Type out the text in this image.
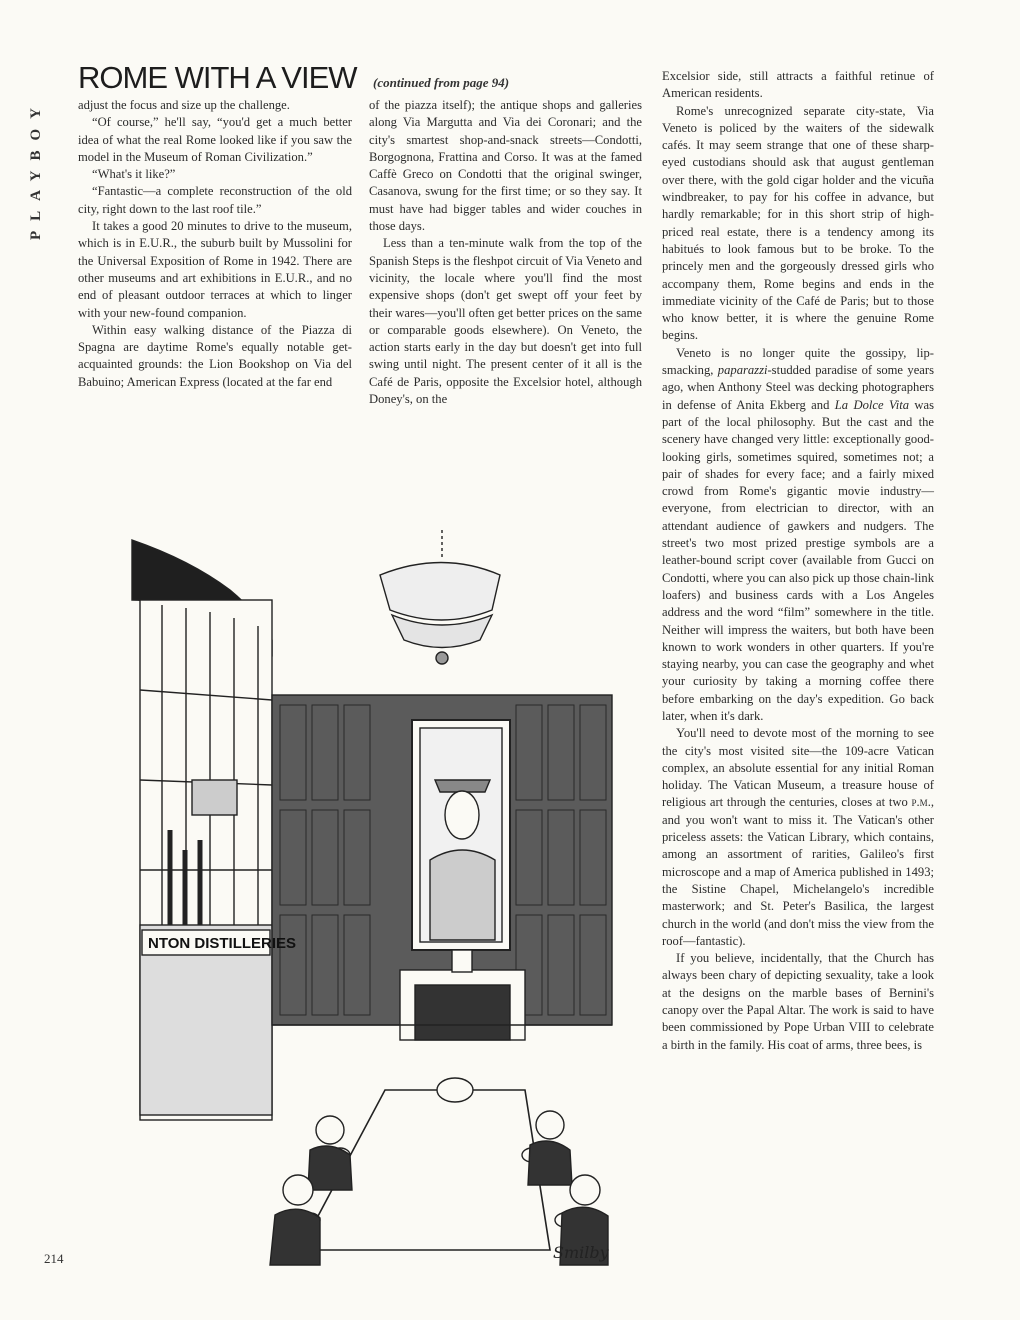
PLAYBOY
ROME WITH A VIEW (continued from page 94)

adjust the focus and size up the challenge.

“Of course,” he'll say, “you'd get a much better idea of what the real Rome looked like if you saw the model in the Museum of Roman Civilization.”

“What's it like?”

“Fantastic—a complete reconstruction of the old city, right down to the last roof tile.”

It takes a good 20 minutes to drive to the museum, which is in E.U.R., the suburb built by Mussolini for the Universal Exposition of Rome in 1942. There are other museums and art exhibitions in E.U.R., and no end of pleasant outdoor terraces at which to linger with your new-found companion.

Within easy walking distance of the Piazza di Spagna are daytime Rome's equally notable get-acquainted grounds: the Lion Bookshop on Via del Babuino; American Express (located at the far end

of the piazza itself); the antique shops and galleries along Via Margutta and Via dei Coronari; and the city's smartest shop-and-snack streets—Condotti, Borgognona, Frattina and Corso. It was at the famed Caffè Greco on Condotti that the original swinger, Casanova, swung for the first time; or so they say. It must have had bigger tables and wider couches in those days.

Less than a ten-minute walk from the top of the Spanish Steps is the fleshpot circuit of Via Veneto and vicinity, the locale where you'll find the most expensive shops (don't get swept off your feet by their wares—you'll often get better prices on the same or comparable goods elsewhere). On Veneto, the action starts early in the day but doesn't get into full swing until night. The present center of it all is the Café de Paris, opposite the Excelsior hotel, although Doney's, on the

Excelsior side, still attracts a faithful retinue of American residents.

Rome's unrecognized separate city-state, Via Veneto is policed by the waiters of the sidewalk cafés. It may seem strange that one of these sharp-eyed custodians should ask that august gentleman over there, with the gold cigar holder and the vicuña windbreaker, to pay for his coffee in advance, but hardly remarkable; for in this short strip of high-priced real estate, there is a tendency among its habitués to look famous but to be broke. To the princely men and the gorgeously dressed girls who accompany them, Rome begins and ends in the immediate vicinity of the Café de Paris; but to those who know better, it is where the genuine Rome begins.

Veneto is no longer quite the gossipy, lip-smacking, paparazzi-studded paradise of some years ago, when Anthony Steel was decking photographers in defense of Anita Ekberg and La Dolce Vita was part of the local philosophy. But the cast and the scenery have changed very little: exceptionally good-looking girls, sometimes squired, sometimes not; a pair of shades for every face; and a fairly mixed crowd from Rome's gigantic movie industry—everyone, from electrician to director, with an attendant audience of gawkers and nudgers. The street's two most prized prestige symbols are a leather-bound script cover (available from Gucci on Condotti, where you can also pick up those chain-link loafers) and business cards with a Los Angeles address and the word “film” somewhere in the title. Neither will impress the waiters, but both have been known to work wonders in other quarters. If you're staying nearby, you can case the geography and whet your curiosity by taking a morning coffee there before embarking on the day's expedition. Go back later, when it's dark.

You'll need to devote most of the morning to see the city's most visited site—the 109-acre Vatican complex, an absolute essential for any initial Roman holiday. The Vatican Museum, a treasure house of religious art through the centuries, closes at two p.m., and you won't want to miss it. The Vatican's other priceless assets: the Vatican Library, which contains, among an assortment of rarities, Galileo's first microscope and a map of America published in 1493; the Sistine Chapel, Michelangelo's incredible masterwork; and St. Peter's Basilica, the largest church in the world (and don't miss the view from the roof—fantastic).

If you believe, incidentally, that the Church has always been chary of depicting sexuality, take a look at the designs on the marble bases of Bernini's canopy over the Papal Altar. The work is said to have been commissioned by Pope Urban VIII to celebrate a birth in the family. His coat of arms, three bees, is

NTON DISTILLERIES
214	Smilby
